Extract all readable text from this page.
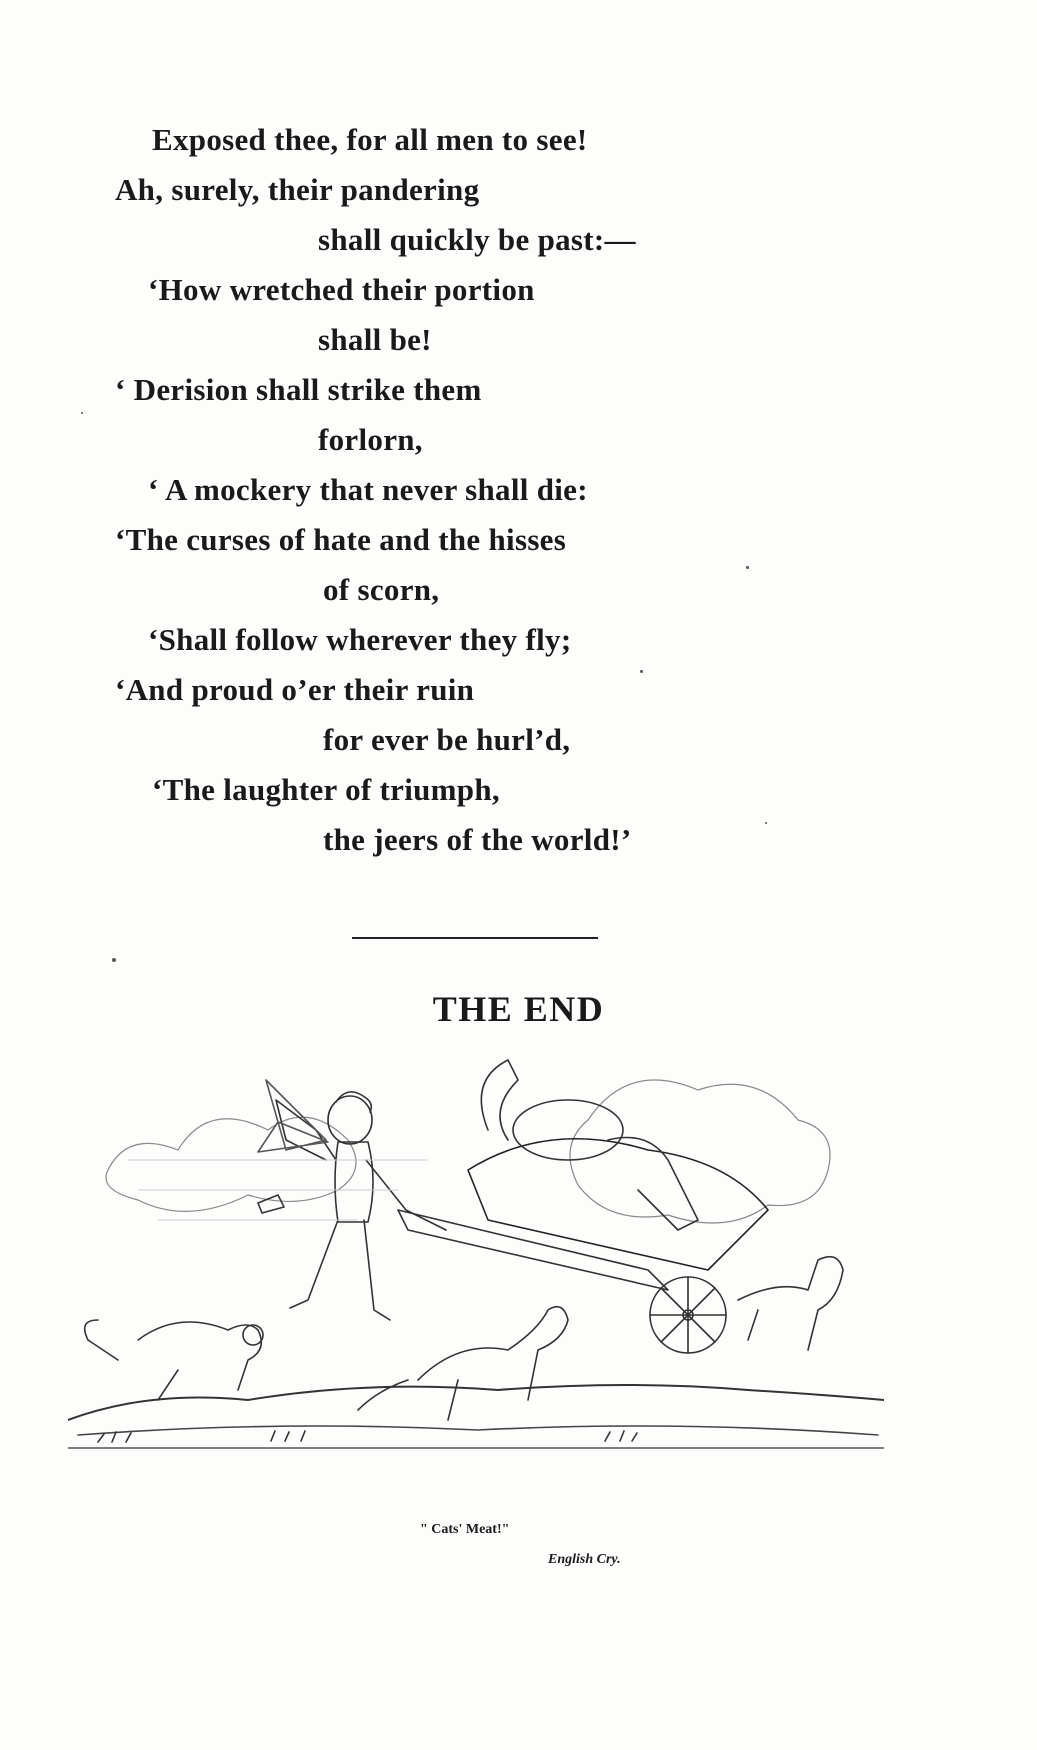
Exposed thee, for all men to see!
Ah, surely, their pandering
shall quickly be past:—
‘How wretched their portion
shall be!
‘ Derision shall strike them
forlorn,
‘ A mockery that never shall die:
‘The curses of hate and the hisses
of scorn,
‘Shall follow wherever they fly;
‘And proud o’er their ruin
for ever be hurl’d,
‘The laughter of triumph,
the jeers of the world!’
THE END
" Cats' Meat!"
English Cry.
